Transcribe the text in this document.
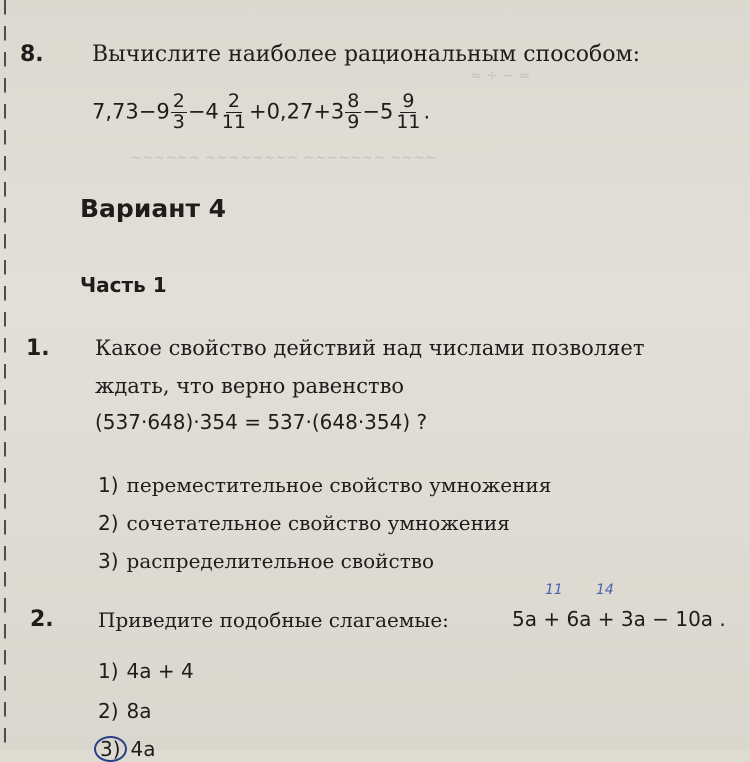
≈ ∻ ∼ ≈
∼∼∼∼∼∼ ∼∼∼∼∼∼∼∼ ∼∼∼∼∼∼∼ ∼∼∼∼
8. Вычислите наиболее рациональным способом:
$7,73-9 \frac{2}{3} -4 \frac{2}{11} +0,27+3 \frac{8}{9} -5 \frac{9}{11}$ .
Вариант 4
Часть 1
1. Какое свойство действий над числами позволяет
ждать, что верно равенство
(537·648)·354 = 537·(648·354) ?
1) переместительное свойство умножения
2) сочетательное свойство умножения
3) распределительное свойство
11 14
2. Приведите подобные слагаемые:	5a + 6a + 3a − 10a .
1) 4a + 4
2) 8a
3) 4a
